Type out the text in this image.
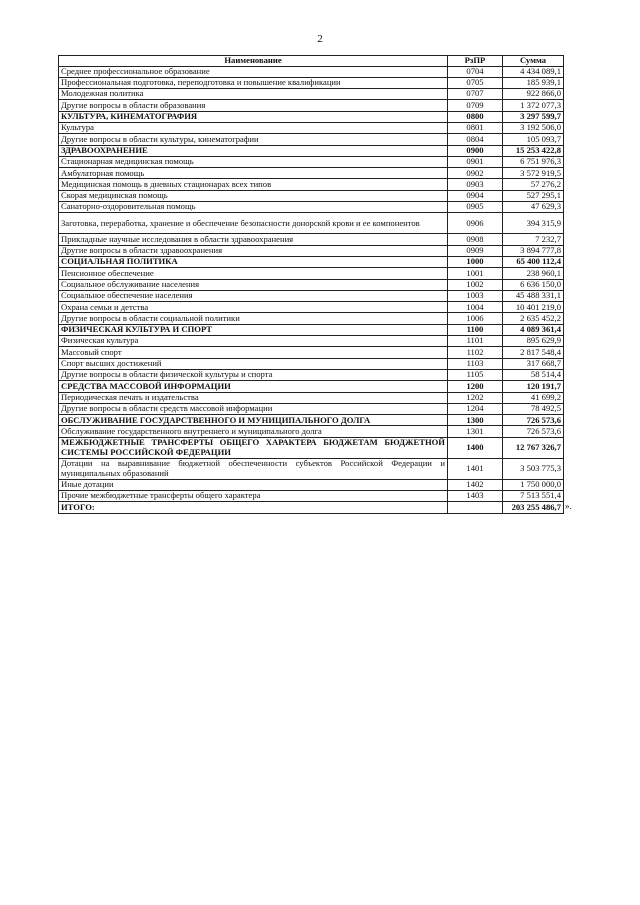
2
Наименование	РзПР	Сумма
Среднее профессиональное образование	0704	4 434 089,1
Профессиональная подготовка, переподготовка и повышение квалификации	0705	185 939,1
Молодежная политика	0707	922 866,0
Другие вопросы в области образования	0709	1 372 077,3
КУЛЬТУРА, КИНЕМАТОГРАФИЯ	0800	3 297 599,7
Культура	0801	3 192 506,0
Другие вопросы в области культуры, кинематографии	0804	105 093,7
ЗДРАВООХРАНЕНИЕ	0900	15 253 422,8
Стационарная медицинская помощь	0901	6 751 976,3
Амбулаторная помощь	0902	3 572 919,5
Медицинская помощь в дневных стационарах всех типов	0903	57 276,2
Скорая медицинская помощь	0904	527 295,1
Санаторно-оздоровительная помощь	0905	47 629,3
Заготовка, переработка, хранение и обеспечение безопасности донорской крови и ее компонентов	0906	394 315,9
Прикладные научные исследования в области здравоохранения	0908	7 232,7
Другие вопросы в области здравоохранения	0909	3 894 777,8
СОЦИАЛЬНАЯ ПОЛИТИКА	1000	65 400 112,4
Пенсионное обеспечение	1001	238 960,1
Социальное обслуживание населения	1002	6 636 150,0
Социальное обеспечение населения	1003	45 488 331,1
Охрана семьи и детства	1004	10 401 219,0
Другие вопросы в области социальной политики	1006	2 635 452,2
ФИЗИЧЕСКАЯ КУЛЬТУРА И СПОРТ	1100	4 089 361,4
Физическая культура	1101	895 629,9
Массовый спорт	1102	2 817 548,4
Спорт высших достижений	1103	317 668,7
Другие вопросы в области физической культуры и спорта	1105	58 514,4
СРЕДСТВА МАССОВОЙ ИНФОРМАЦИИ	1200	120 191,7
Периодическая печать и издательства	1202	41 699,2
Другие вопросы в области средств массовой информации	1204	78 492,5
ОБСЛУЖИВАНИЕ ГОСУДАРСТВЕННОГО И МУНИЦИПАЛЬНОГО ДОЛГА	1300	726 573,6
Обслуживание государственного внутреннего и муниципального долга	1301	726 573,6
МЕЖБЮДЖЕТНЫЕ ТРАНСФЕРТЫ ОБЩЕГО ХАРАКТЕРА БЮДЖЕТАМ БЮДЖЕТНОЙ СИСТЕМЫ РОССИЙСКОЙ ФЕДЕРАЦИИ	1400	12 767 326,7
Дотации на выравнивание бюджетной обеспеченности субъектов Российской Федерации и муниципальных образований	1401	3 503 775,3
Иные дотации	1402	1 750 000,0
Прочие межбюджетные трансферты общего характера	1403	7 513 551,4
ИТОГО:		203 255 486,7 ».
